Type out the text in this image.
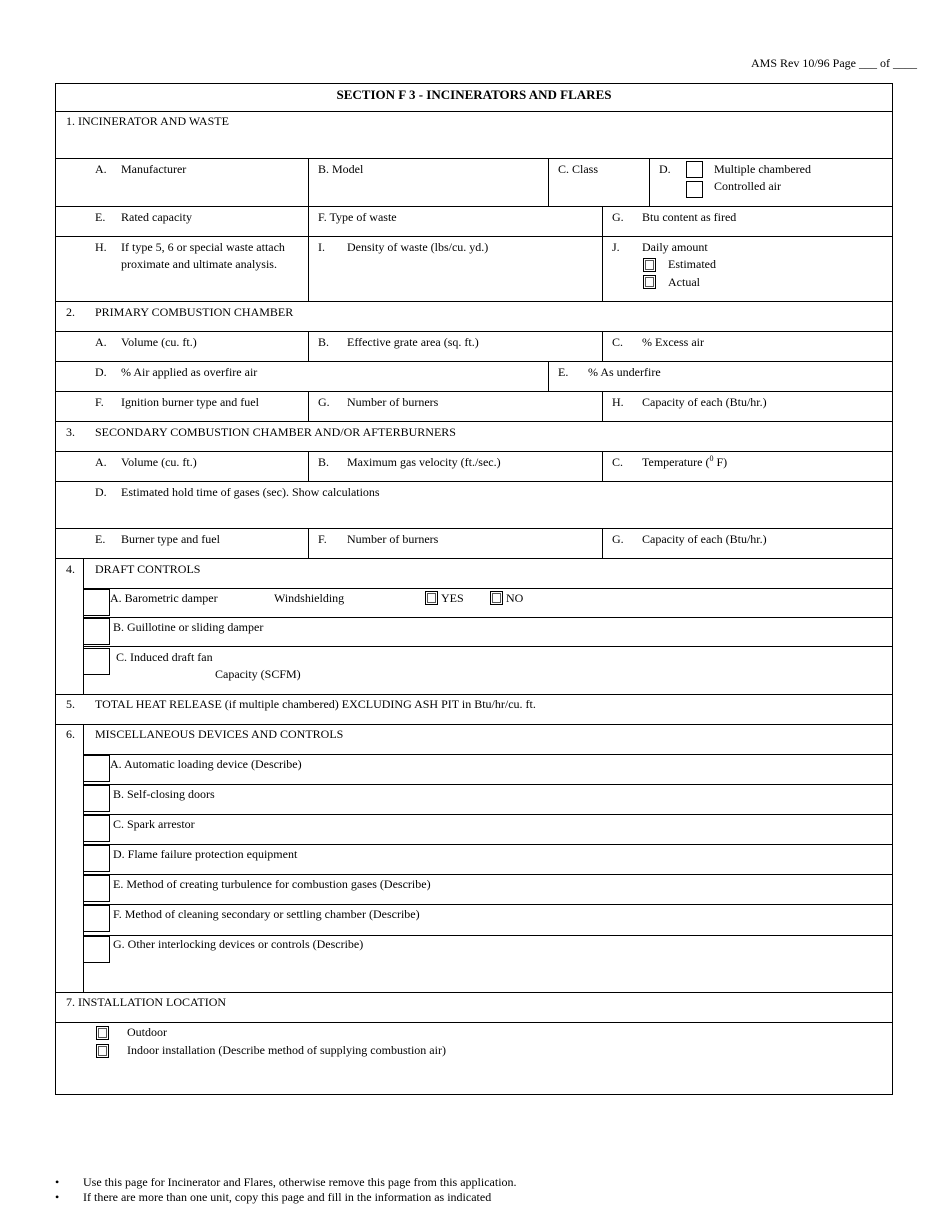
AMS Rev 10/96 Page ___ of ____
SECTION F 3 - INCINERATORS AND FLARES
1. INCINERATOR AND WASTE
A. Manufacturer	B. Model	C. Class	D.	Multiple chambered
Controlled air
E. Rated capacity	F. Type of waste	G. Btu content as fired
H. If type 5, 6 or special waste attach
proximate and ultimate analysis.
I. Density of waste (lbs/cu. yd.)	J. Daily amount
Estimated
Actual
2. PRIMARY COMBUSTION CHAMBER
A. Volume (cu. ft.)	B. Effective grate area (sq. ft.)	C. % Excess air
D. % Air applied as overfire air	E. % As underfire
F. Ignition burner type and fuel	G. Number of burners	H. Capacity of each (Btu/hr.)
3. SECONDARY COMBUSTION CHAMBER AND/OR AFTERBURNERS
A. Volume (cu. ft.)	B. Maximum gas velocity (ft./sec.)	C. Temperature ($^0$ F)
D. Estimated hold time of gases (sec). Show calculations
E. Burner type and fuel	F. Number of burners	G. Capacity of each (Btu/hr.)
4. DRAFT CONTROLS
A. Barometric damper	Windshielding	YES	NO
B. Guillotine or sliding damper
C. Induced draft fan
Capacity (SCFM)
5. TOTAL HEAT RELEASE (if multiple chambered) EXCLUDING ASH PIT in Btu/hr/cu. ft.
6. MISCELLANEOUS DEVICES AND CONTROLS
A. Automatic loading device (Describe)
B. Self-closing doors
C. Spark arrestor
D. Flame failure protection equipment
E. Method of creating turbulence for combustion gases (Describe)
F. Method of cleaning secondary or settling chamber (Describe)
G. Other interlocking devices or controls (Describe)
7. INSTALLATION LOCATION
Outdoor
Indoor installation (Describe method of supplying combustion air)
• Use this page for Incinerator and Flares, otherwise remove this page from this application.
• If there are more than one unit, copy this page and fill in the information as indicated
